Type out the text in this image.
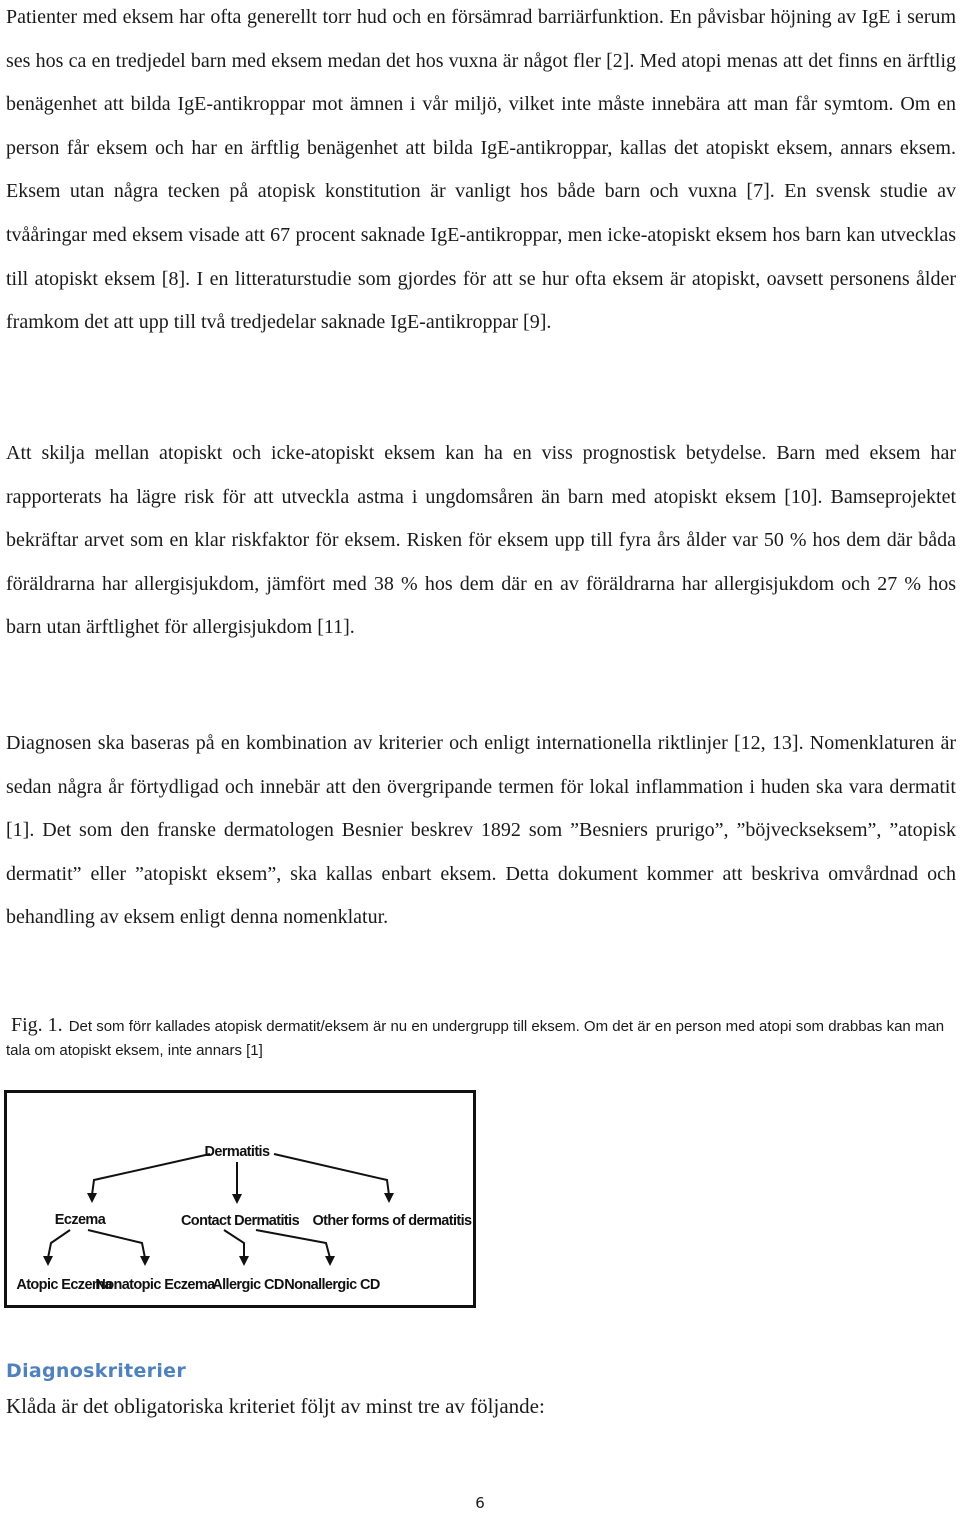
Patienter med eksem har ofta generellt torr hud och en försämrad barriärfunktion. En påvisbar höjning av IgE i serum ses hos ca en tredjedel barn med eksem medan det hos vuxna är något fler [2]. Med atopi menas att det finns en ärftlig benägenhet att bilda IgE-antikroppar mot ämnen i vår miljö, vilket inte måste innebära att man får symtom. Om en person får eksem och har en ärftlig benägenhet att bilda IgE-antikroppar, kallas det atopiskt eksem, annars eksem. Eksem utan några tecken på atopisk konstitution är vanligt hos både barn och vuxna [7]. En svensk studie av tvååringar med eksem visade att 67 procent saknade IgE-antikroppar, men icke-atopiskt eksem hos barn kan utvecklas till atopiskt eksem [8]. I en litteraturstudie som gjordes för att se hur ofta eksem är atopiskt, oavsett personens ålder framkom det att upp till två tredjedelar saknade IgE-antikroppar [9].

Att skilja mellan atopiskt och icke-atopiskt eksem kan ha en viss prognostisk betydelse. Barn med eksem har rapporterats ha lägre risk för att utveckla astma i ungdomsåren än barn med atopiskt eksem [10]. Bamseprojektet bekräftar arvet som en klar riskfaktor för eksem. Risken för eksem upp till fyra års ålder var 50 % hos dem där båda föräldrarna har allergisjukdom, jämfört med 38 % hos dem där en av föräldrarna har allergisjukdom och 27 % hos barn utan ärftlighet för allergisjukdom [11].

Diagnosen ska baseras på en kombination av kriterier och enligt internationella riktlinjer [12, 13]. Nomenklaturen är sedan några år förtydligad och innebär att den övergripande termen för lokal inflammation i huden ska vara dermatit [1]. Det som den franske dermatologen Besnier beskrev 1892 som ”Besniers prurigo”, ”böjveckseksem”, ”atopisk dermatit” eller ”atopiskt eksem”, ska kallas enbart eksem. Detta dokument kommer att beskriva omvårdnad och behandling av eksem enligt denna nomenklatur.

Fig. 1. Det som förr kallades atopisk dermatit/eksem är nu en undergrupp till eksem. Om det är en person med atopi som drabbas kan man tala om atopiskt eksem, inte annars [1]

Dermatitis
Eczema	Contact Dermatitis Other forms of dermatitis
Atopic Eczema
Nonatopic Eczema
Allergic CD Nonallergic CD
Diagnoskriterier

Klåda är det obligatoriska kriteriet följt av minst tre av följande:

6
